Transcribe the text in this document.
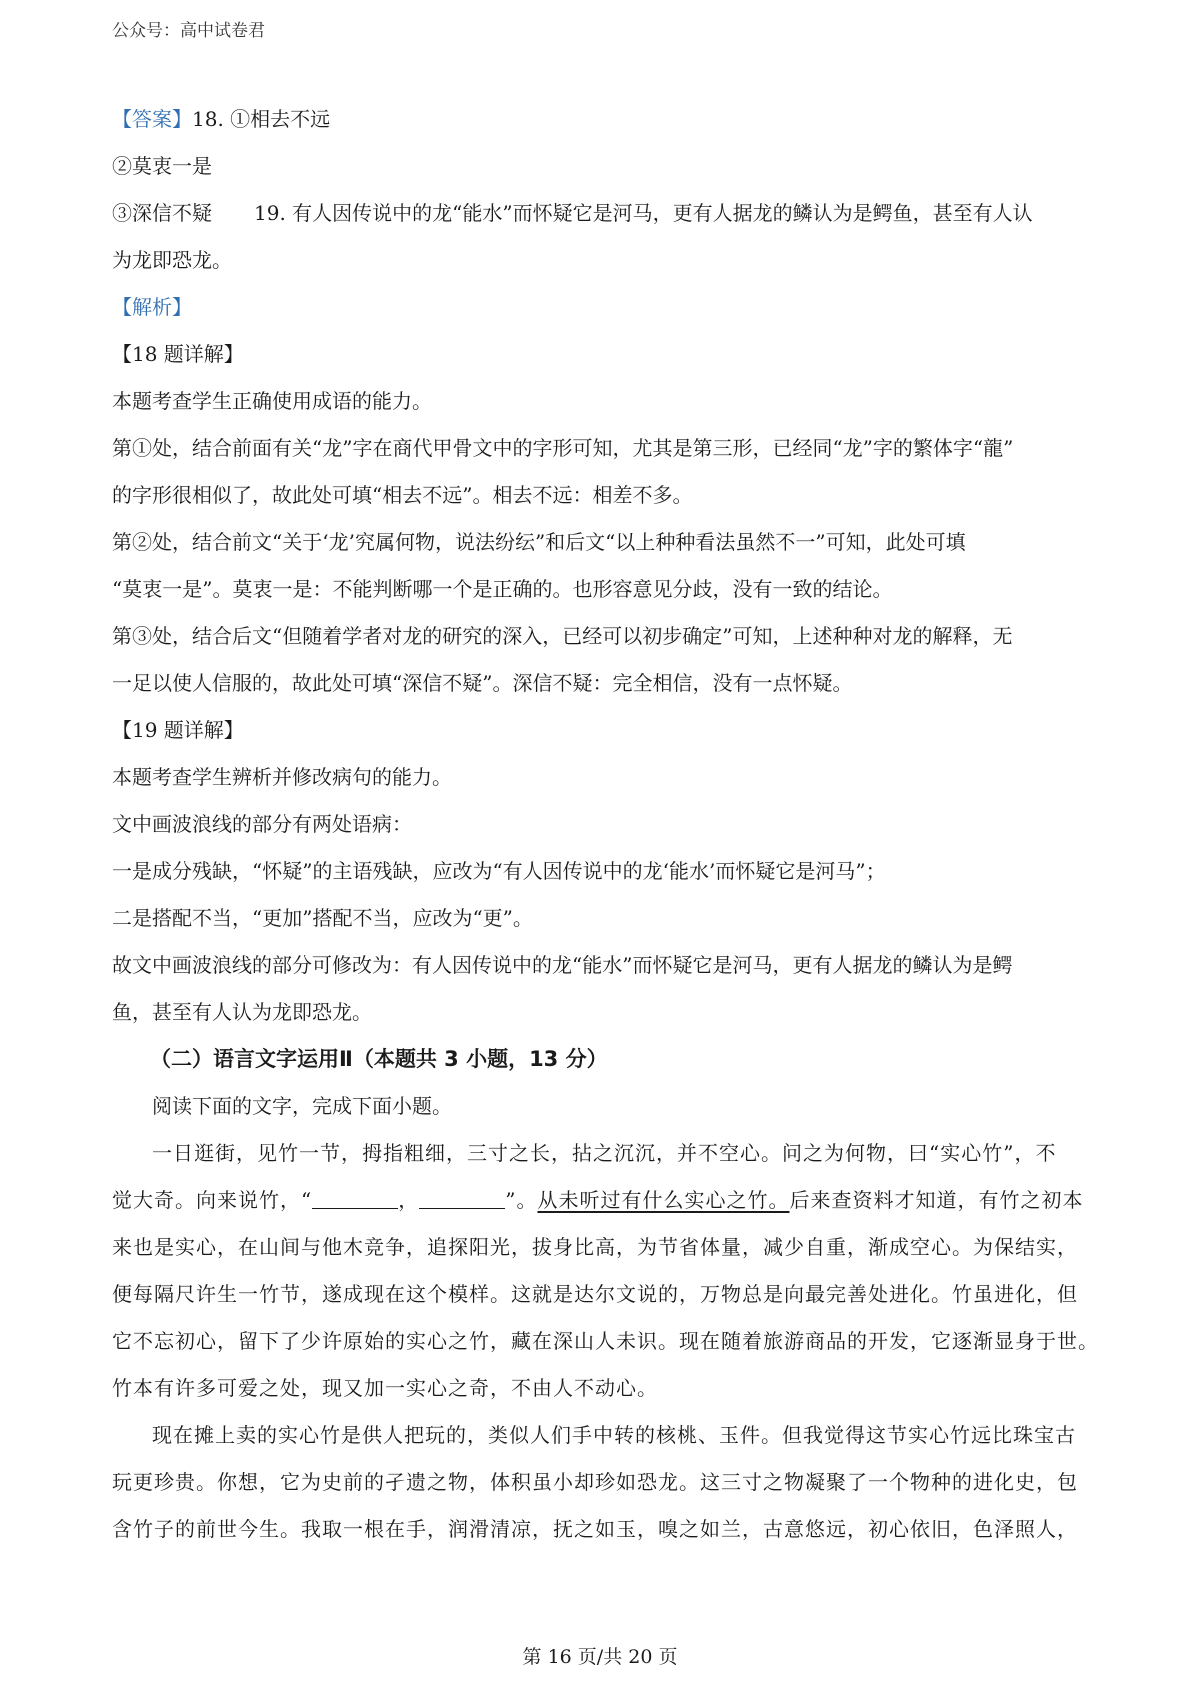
公众号：高中试卷君
【答案】18. ①相去不远
②莫衷一是
③深信不疑 19. 有人因传说中的龙“能水”而怀疑它是河马，更有人据龙的鳞认为是鳄鱼，甚至有人认
为龙即恐龙。
【解析】
【18 题详解】
本题考查学生正确使用成语的能力。
第①处，结合前面有关“龙”字在商代甲骨文中的字形可知，尤其是第三形，已经同“龙”字的繁体字“龍”
的字形很相似了，故此处可填“相去不远”。相去不远：相差不多。
第②处，结合前文“关于‘龙’究属何物，说法纷纭”和后文“以上种种看法虽然不一”可知，此处可填
“莫衷一是”。莫衷一是：不能判断哪一个是正确的。也形容意见分歧，没有一致的结论。
第③处，结合后文“但随着学者对龙的研究的深入，已经可以初步确定”可知，上述种种对龙的解释，无
一足以使人信服的，故此处可填“深信不疑”。深信不疑：完全相信，没有一点怀疑。
【19 题详解】
本题考查学生辨析并修改病句的能力。
文中画波浪线的部分有两处语病：
一是成分残缺，“怀疑”的主语残缺，应改为“有人因传说中的龙‘能水’而怀疑它是河马”；
二是搭配不当，“更加”搭配不当，应改为“更”。
故文中画波浪线的部分可修改为：有人因传说中的龙“能水”而怀疑它是河马，更有人据龙的鳞认为是鳄
鱼，甚至有人认为龙即恐龙。
（二）语言文字运用Ⅱ（本题共 3 小题，13 分）
阅读下面的文字，完成下面小题。
一日逛街，见竹一节，拇指粗细，三寸之长，拈之沉沉，并不空心。问之为何物，曰“实心竹”，不
觉大奇。向来说竹，“	，	”。从未听过有什么实心之竹。后来查资料才知道，有竹之初本
来也是实心，在山间与他木竞争，追探阳光，拔身比高，为节省体量，减少自重，渐成空心。为保结实，
便每隔尺许生一竹节，遂成现在这个模样。这就是达尔文说的，万物总是向最完善处进化。竹虽进化，但
它不忘初心，留下了少许原始的实心之竹，藏在深山人未识。现在随着旅游商品的开发，它逐渐显身于世。
竹本有许多可爱之处，现又加一实心之奇，不由人不动心。
现在摊上卖的实心竹是供人把玩的，类似人们手中转的核桃、玉件。但我觉得这节实心竹远比珠宝古
玩更珍贵。你想，它为史前的孑遗之物，体积虽小却珍如恐龙。这三寸之物凝聚了一个物种的进化史，包
含竹子的前世今生。我取一根在手，润滑清凉，抚之如玉，嗅之如兰，古意悠远，初心依旧，色泽照人，
第 16 页/共 20 页
